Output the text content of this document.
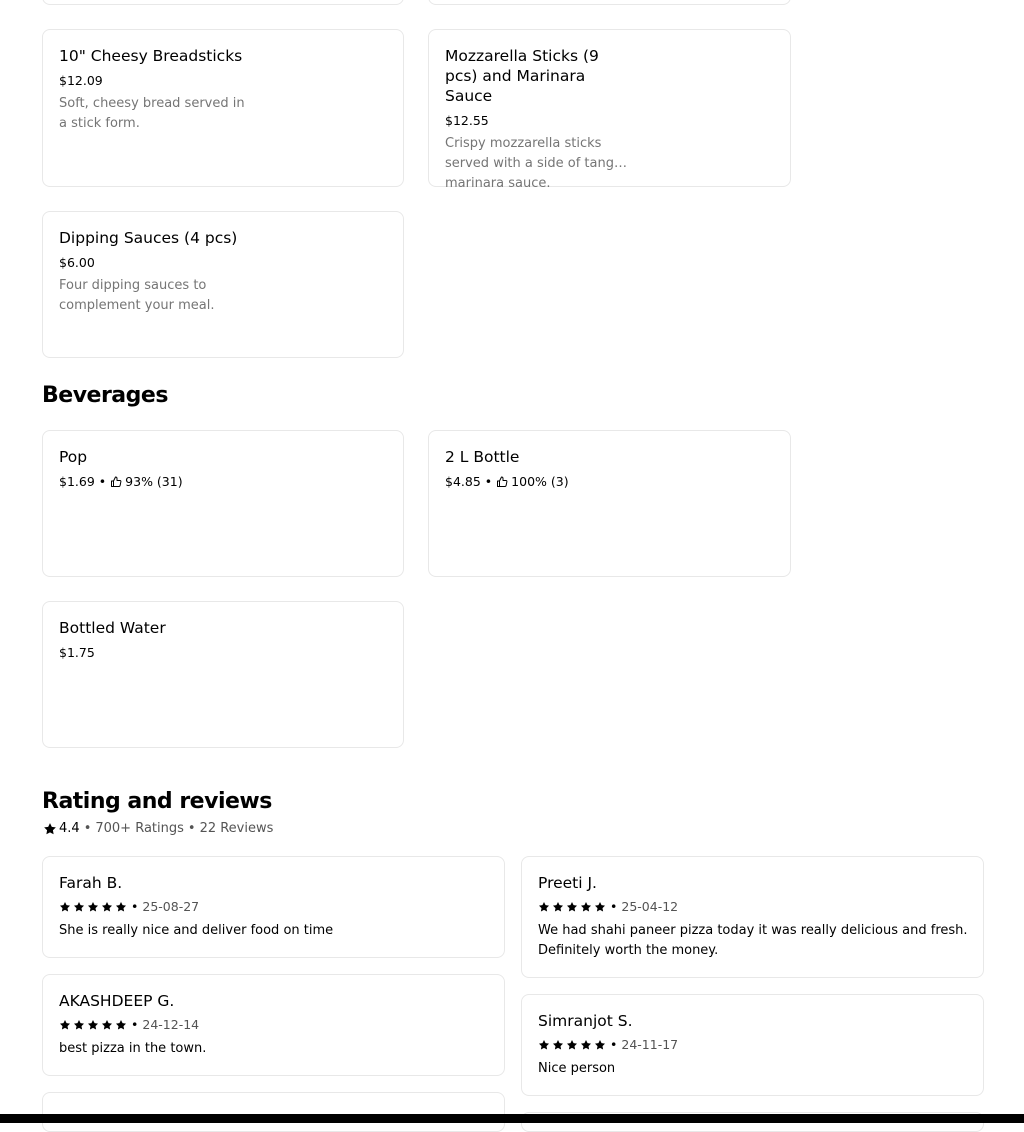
10" Cheesy Breadsticks
$12.09
Soft, cheesy bread served in a stick form.
Mozzarella Sticks (9 pcs) and Marinara Sauce
$12.55
Crispy mozzarella sticks served with a side of tangy marinara sauce.
Dipping Sauces (4 pcs)
$6.00
Four dipping sauces to complement your meal.
Beverages
Pop
$1.69 • 93% (31)
2 L Bottle
$4.85 • 100% (3)
Bottled Water
$1.75
Rating and reviews
4.4 • 700+ Ratings • 22 Reviews
Farah B.
• 25-08-27
She is really nice and deliver food on time
Preeti J.
• 25-04-12
We had shahi paneer pizza today it was really delicious and fresh. Definitely worth the money.
AKASHDEEP G.
• 24-12-14
best pizza in the town.
Simranjot S.
• 24-11-17
Nice person
